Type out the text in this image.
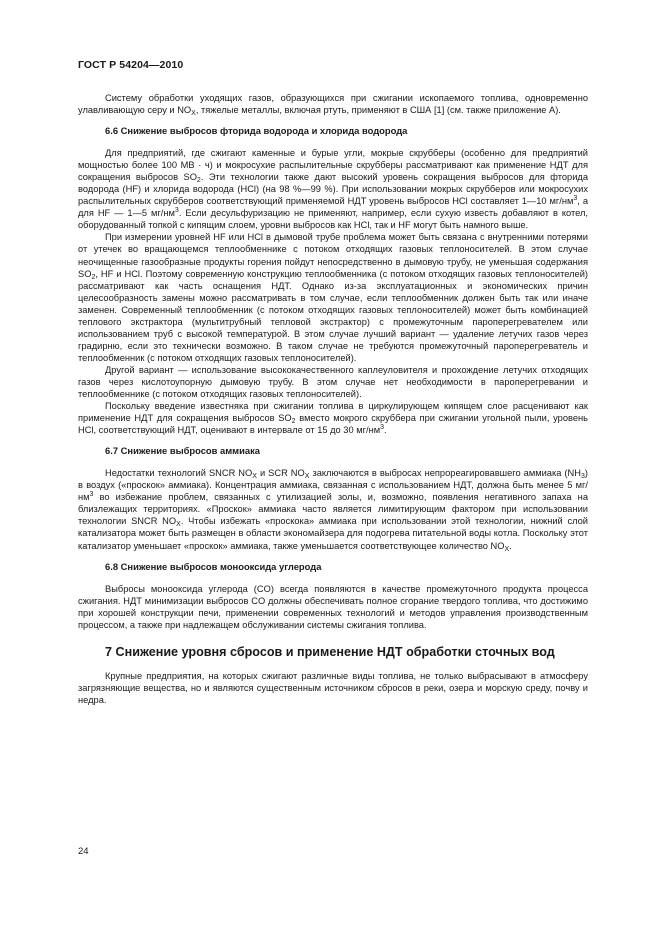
ГОСТ Р 54204—2010

Систему обработки уходящих газов, образующихся при сжигании ископаемого топлива, одновременно улавливающую серу и $NO_X$, тяжелые металлы, включая ртуть, применяют в США [1] (см. также приложение А).

6.6 Снижение выбросов фторида водорода и хлорида водорода

Для предприятий, где сжигают каменные и бурые угли, мокрые скрубберы (особенно для предприятий мощностью более 100 МВ · ч) и мокросухие распылительные скрубберы рассматривают как применение НДТ для сокращения выбросов $SO_2$. Эти технологии также дают высокий уровень сокращения выбросов для фторида водорода (HF) и хлорида водорода (HCl) (на 98 %—99 %). При использовании мокрых скрубберов или мокросухих распылительных скрубберов соответствующий применяемой НДТ уровень выбросов HCl составляет 1—10 $мг/нм^3$, а для HF — 1—5 $мг/нм^3$. Если десульфуризацию не применяют, например, если сухую известь добавляют в котел, оборудованный топкой с кипящим слоем, уровни выбросов как HCl, так и HF могут быть намного выше.

При измерении уровней HF или HCl в дымовой трубе проблема может быть связана с внутренними потерями от утечек во вращающемся теплообменнике с потоком отходящих газовых теплоносителей. В этом случае неочищенные газообразные продукты горения пойдут непосредственно в дымовую трубу, не уменьшая содержания $SO_2$, HF и HCl. Поэтому современную конструкцию теплообменника (с потоком отходящих газовых теплоносителей) рассматривают как часть оснащения НДТ. Однако из-за эксплуатационных и экономических причин целесообразность замены можно рассматривать в том случае, если теплообменник должен быть так или иначе заменен. Современный теплообменник (с потоком отходящих газовых теплоносителей) может быть комбинацией теплового экстрактора (мультитрубный тепловой экстрактор) с промежуточным пароперегревателем или использованием труб с высокой температурой. В этом случае лучший вариант — удаление летучих газов через градирню, если это технически возможно. В таком случае не требуются промежуточный пароперегреватель и теплообменник (с потоком отходящих газовых теплоносителей).

Другой вариант — использование высококачественного каплеуловителя и прохождение летучих отходящих газов через кислотоупорную дымовую трубу. В этом случае нет необходимости в пароперегревании и теплообменнике (с потоком отходящих газовых теплоносителей).

Поскольку введение известняка при сжигании топлива в циркулирующем кипящем слое расценивают как применение НДТ для сокращения выбросов $SO_2$ вместо мокрого скруббера при сжигании угольной пыли, уровень HCl, соответствующий НДТ, оценивают в интервале от 15 до 30 $мг/нм^3$.

6.7 Снижение выбросов аммиака

Недостатки технологий SNCR $NO_X$ и SCR $NO_X$ заключаются в выбросах непрореагировавшего аммиака $(NH_3)$ в воздух («проскок» аммиака). Концентрация аммиака, связанная с использованием НДТ, должна быть менее 5 $мг/нм^3$ во избежание проблем, связанных с утилизацией золы, и, возможно, появления негативного запаха на близлежащих территориях. «Проскок» аммиака часто является лимитирующим фактором при использовании технологии SNCR $NO_X$. Чтобы избежать «проскока» аммиака при использовании этой технологии, нижний слой катализатора может быть размещен в области экономайзера для подогрева питательной воды котла. Поскольку этот катализатор уменьшает «проскок» аммиака, также уменьшается соответствующее количество $NO_X$.

6.8 Снижение выбросов монооксида углерода

Выбросы монооксида углерода (CO) всегда появляются в качестве промежуточного продукта процесса сжигания. НДТ минимизации выбросов CO должны обеспечивать полное сгорание твердого топлива, что достижимо при хорошей конструкции печи, применении современных технологий и методов управления производственным процессом, а также при надлежащем обслуживании системы сжигания топлива.

7 Снижение уровня сбросов и применение НДТ обработки сточных вод

Крупные предприятия, на которых сжигают различные виды топлива, не только выбрасывают в атмосферу загрязняющие вещества, но и являются существенным источником сбросов в реки, озера и морскую среду, почву и недра.

24
